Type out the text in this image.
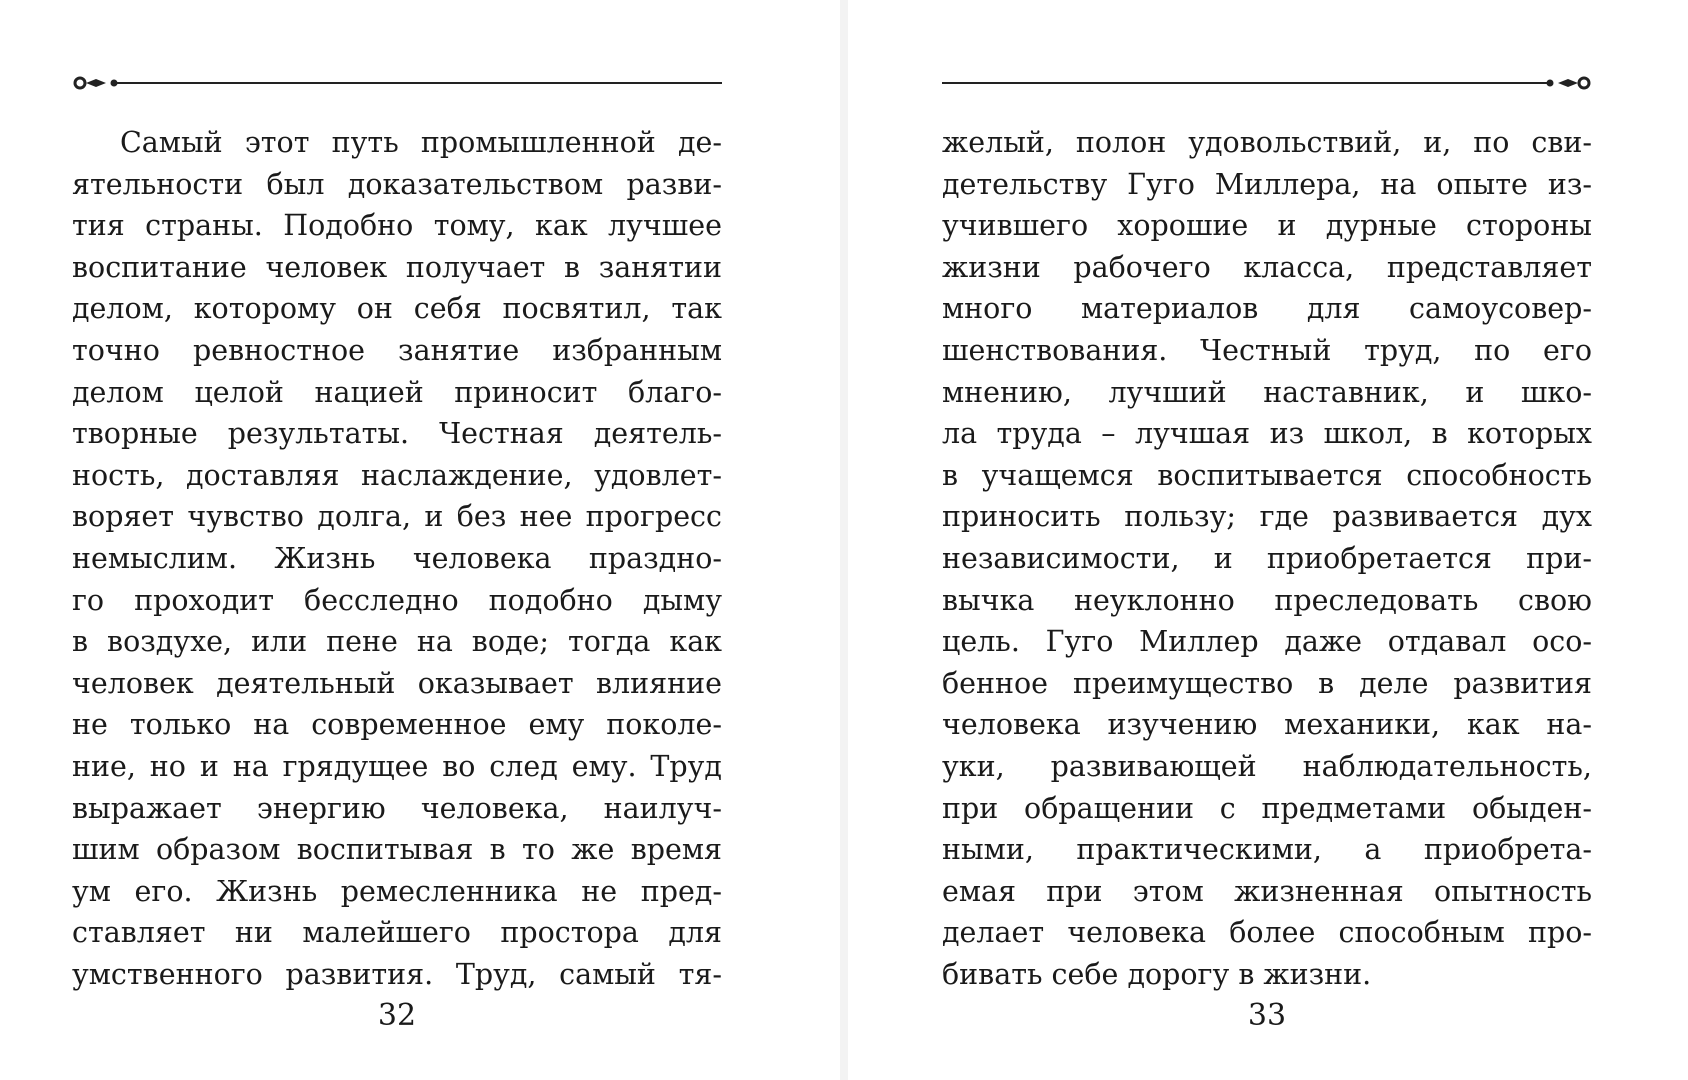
Самый этот путь промышленной де-
ятельности был доказательством разви-
тия страны. Подобно тому, как лучшее
воспитание человек получает в занятии
делом, которому он себя посвятил, так
точно ревностное занятие избранным
делом целой нацией приносит благо-
творные результаты. Честная деятель-
ность, доставляя наслаждение, удовлет-
воряет чувство долга, и без нее прогресс
немыслим. Жизнь человека праздно-
го проходит бесследно подобно дыму
в воздухе, или пене на воде; тогда как
человек деятельный оказывает влияние
не только на современное ему поколе-
ние, но и на грядущее во след ему. Труд
выражает энергию человека, наилуч-
шим образом воспитывая в то же время
ум его. Жизнь ремесленника не пред-
ставляет ни малейшего простора для
умственного развития. Труд, самый тя-
32
желый, полон удовольствий, и, по сви-
детельству Гуго Миллера, на опыте из-
учившего хорошие и дурные стороны
жизни рабочего класса, представляет
много материалов для самоусовер-
шенствования. Честный труд, по его
мнению, лучший наставник, и шко-
ла труда – лучшая из школ, в которых
в учащемся воспитывается способность
приносить пользу; где развивается дух
независимости, и приобретается при-
вычка неуклонно преследовать свою
цель. Гуго Миллер даже отдавал осо-
бенное преимущество в деле развития
человека изучению механики, как на-
уки, развивающей наблюдательность,
при обращении с предметами обыден-
ными, практическими, а приобрета-
емая при этом жизненная опытность
делает человека более способным про-
бивать себе дорогу в жизни.
33
